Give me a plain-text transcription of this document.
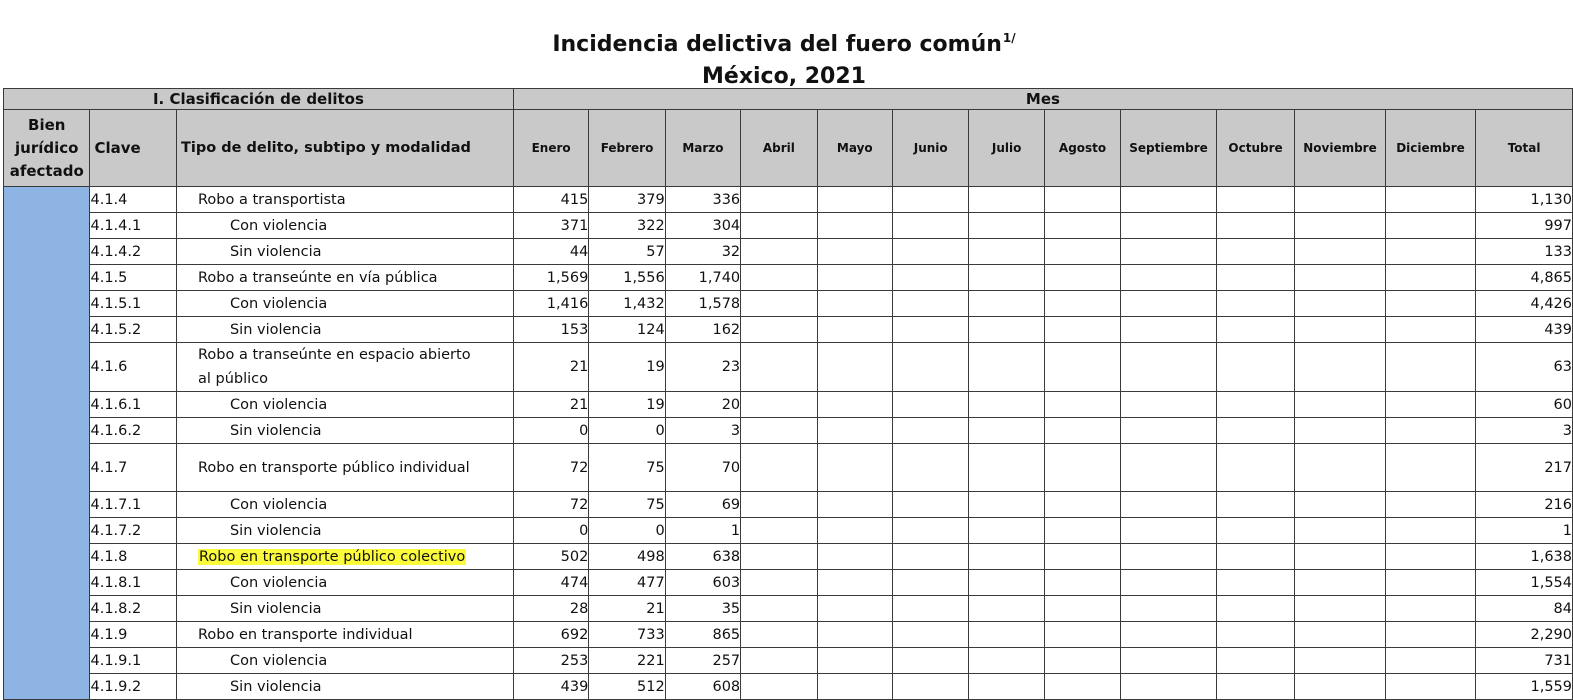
Incidencia delictiva del fuero común$^{1/}$
México, 2021
I. Clasificación de delitos			Mes												

Bien
jurídico
afectado	Clave	Tipo de delito, subtipo y modalidad	Enero	Febrero	Marzo	Abril	Mayo	Junio	Julio	Agosto	Septiembre	Octubre	Noviembre	Diciembre	Total
	4.1.4	Robo a transportista	415	379	336										1,130
	4.1.4.1	Con violencia	371	322	304										997
	4.1.4.2	Sin violencia	44	57	32										133
	4.1.5	Robo a transeúnte en vía pública	1,569	1,556	1,740										4,865
	4.1.5.1	Con violencia	1,416	1,432	1,578										4,426
	4.1.5.2	Sin violencia	153	124	162										439
	4.1.6	Robo a transeúnte en espacio abierto
al público	21	19	23										63
	4.1.6.1	Con violencia	21	19	20										60
	4.1.6.2	Sin violencia	0	0	3										3
	4.1.7	Robo en transporte público individual	72	75	70										217
	4.1.7.1	Con violencia	72	75	69										216
	4.1.7.2	Sin violencia	0	0	1										1
	4.1.8	Robo en transporte público colectivo	502	498	638										1,638
	4.1.8.1	Con violencia	474	477	603										1,554
	4.1.8.2	Sin violencia	28	21	35										84
	4.1.9	Robo en transporte individual	692	733	865										2,290
	4.1.9.1	Con violencia	253	221	257										731
	4.1.9.2	Sin violencia	439	512	608										1,559
